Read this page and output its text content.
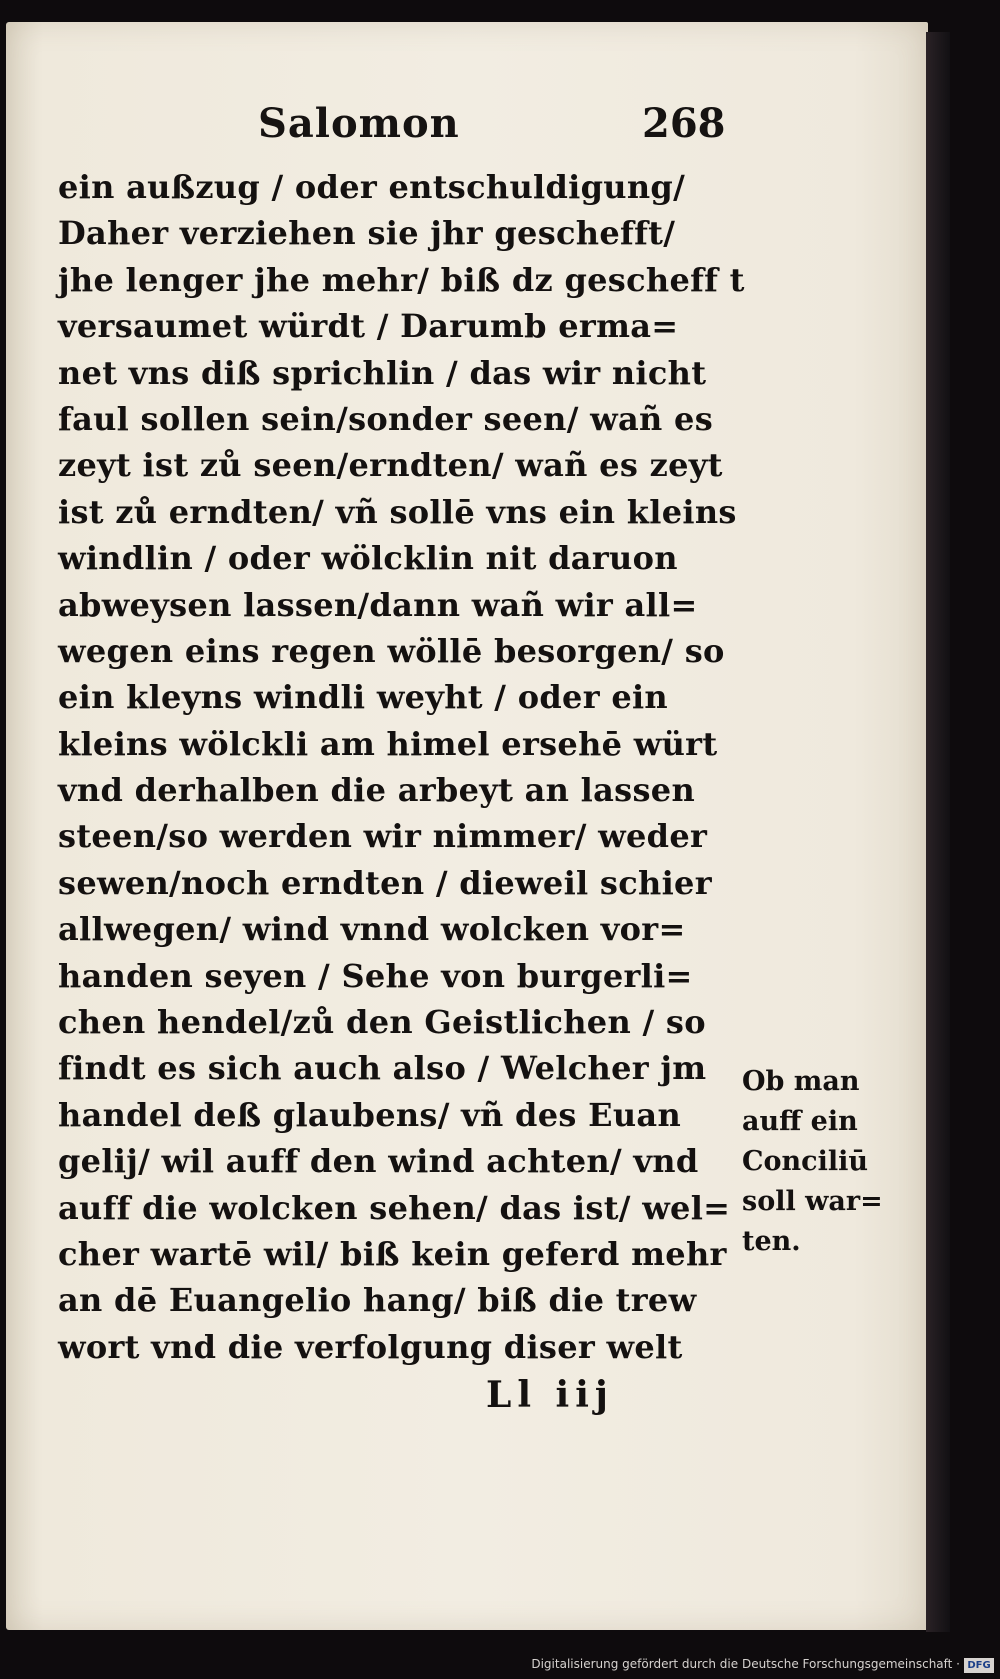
Salomon	268
ein außzug / oder entschuldigung/
Daher verziehen sie jhr geschefft/
jhe lenger jhe mehr/ biß dz gescheff t
versaumet würdt / Darumb erma=
net vns diß sprichlin / das wir nicht
faul sollen sein/sonder seen/ wañ es
zeyt ist zů seen/erndten/ wañ es zeyt
ist zů erndten/ vñ sollē vns ein kleins
windlin / oder wölcklin nit daruon
abweysen lassen/dann wañ wir all=
wegen eins regen wöllē besorgen/ so
ein kleyns windli weyht / oder ein
kleins wölckli am himel ersehē würt
vnd derhalben die arbeyt an lassen
steen/so werden wir nimmer/ weder
sewen/noch erndten / dieweil schier
allwegen/ wind vnnd wolcken vor=
handen seyen / Sehe von burgerli=
chen hendel/zů den Geistlichen / so
findt es sich auch also / Welcher jm
handel deß glaubens/ vñ des Euan
gelij/ wil auff den wind achten/ vnd
auff die wolcken sehen/ das ist/ wel=
cher wartē wil/ biß kein geferd mehr
an dē Euangelio hang/ biß die trew
wort vnd die verfolgung diser welt
Ob man
auff ein
Conciliū
soll war=
ten.
Ll iij
Digitalisierung gefördert durch die Deutsche Forschungsgemeinschaft · DFG
